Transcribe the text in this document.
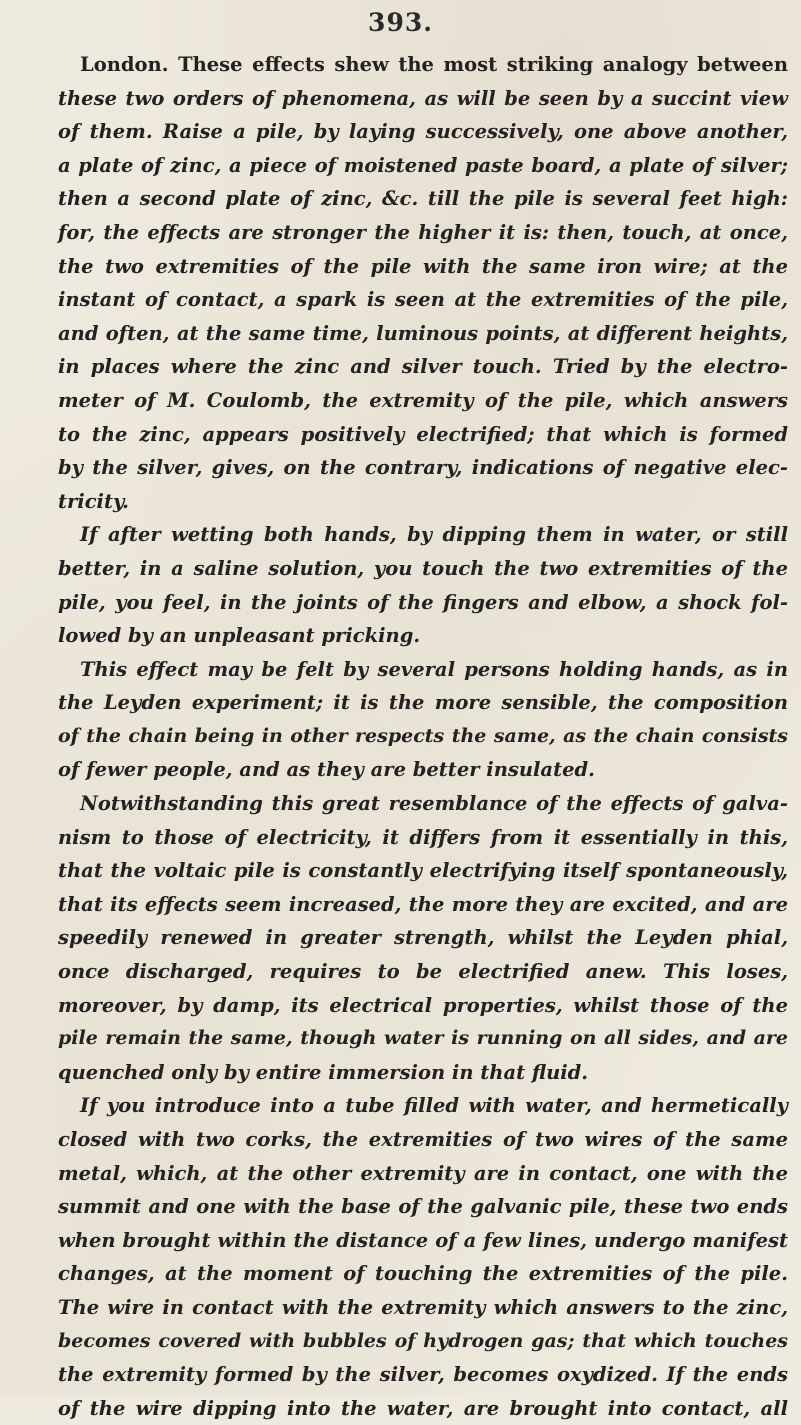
393.
London. These effects shew the most striking analogy between
these two orders of phenomena, as will be seen by a succint view
of them. Raise a pile, by laying successively, one above another,
a plate of zinc, a piece of moistened paste board, a plate of silver;
then a second plate of zinc, &c. till the pile is several feet high:
for, the effects are stronger the higher it is: then, touch, at once,
the two extremities of the pile with the same iron wire; at the
instant of contact, a spark is seen at the extremities of the pile,
and often, at the same time, luminous points, at different heights,
in places where the zinc and silver touch. Tried by the electro-
meter of M. Coulomb, the extremity of the pile, which answers
to the zinc, appears positively electrified; that which is formed
by the silver, gives, on the contrary, indications of negative elec-
tricity.
If after wetting both hands, by dipping them in water, or still
better, in a saline solution, you touch the two extremities of the
pile, you feel, in the joints of the fingers and elbow, a shock fol-
lowed by an unpleasant pricking.
This effect may be felt by several persons holding hands, as in
the Leyden experiment; it is the more sensible, the composition
of the chain being in other respects the same, as the chain consists
of fewer people, and as they are better insulated.
Notwithstanding this great resemblance of the effects of galva-
nism to those of electricity, it differs from it essentially in this,
that the voltaic pile is constantly electrifying itself spontaneously,
that its effects seem increased, the more they are excited, and are
speedily renewed in greater strength, whilst the Leyden phial,
once discharged, requires to be electrified anew. This loses,
moreover, by damp, its electrical properties, whilst those of the
pile remain the same, though water is running on all sides, and are
quenched only by entire immersion in that fluid.
If you introduce into a tube filled with water, and hermetically
closed with two corks, the extremities of two wires of the same
metal, which, at the other extremity are in contact, one with the
summit and one with the base of the galvanic pile, these two ends
when brought within the distance of a few lines, undergo manifest
changes, at the moment of touching the extremities of the pile.
The wire in contact with the extremity which answers to the zinc,
becomes covered with bubbles of hydrogen gas; that which touches
the extremity formed by the silver, becomes oxydized. If the ends
of the wire dipping into the water, are brought into contact, all
